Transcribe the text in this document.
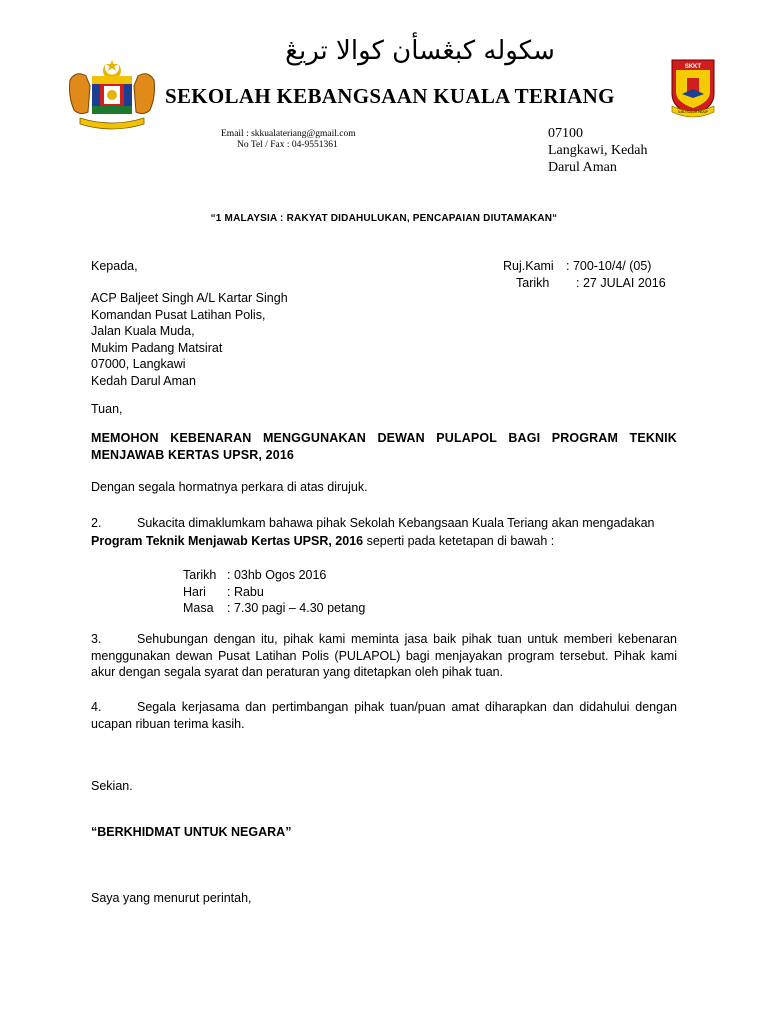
سكوله كبڠسأن كوالا تريڠ
SEKOLAH KEBANGSAAN KUALA TERIANG
SKKT
ILMU SULUH HIDUP
Email : skkualateriang@gmail.com
No Tel / Fax : 04-9551361
07100
Langkawi, Kedah
Darul Aman
“1 MALAYSIA : RAKYAT DIDAHULUKAN, PENCAPAIAN DIUTAMAKAN“
Kepada,	Ruj.Kami : 700-10/4/ (05)
Tarikh : 27 JULAI 2016
ACP Baljeet Singh A/L Kartar Singh
Komandan Pusat Latihan Polis,
Jalan Kuala Muda,
Mukim Padang Matsirat
07000, Langkawi
Kedah Darul Aman
Tuan,
MEMOHON KEBENARAN MENGGUNAKAN DEWAN PULAPOL BAGI PROGRAM TEKNIK MENJAWAB KERTAS UPSR, 2016
Dengan segala hormatnya perkara di atas dirujuk.
2.	Sukacita dimaklumkam bahawa pihak Sekolah Kebangsaan Kuala Teriang akan mengadakan
Program Teknik Menjawab Kertas UPSR, 2016 seperti pada ketetapan di bawah :
Tarikh : 03hb Ogos 2016
Hari : Rabu
Masa : 7.30 pagi – 4.30 petang
3.	Sehubungan dengan itu, pihak kami meminta jasa baik pihak tuan untuk memberi kebenaran menggunakan dewan Pusat Latihan Polis (PULAPOL) bagi menjayakan program tersebut. Pihak kami akur dengan segala syarat dan peraturan yang ditetapkan oleh pihak tuan.
4.	Segala kerjasama dan pertimbangan pihak tuan/puan amat diharapkan dan didahului dengan ucapan ribuan terima kasih.
Sekian.
“BERKHIDMAT UNTUK NEGARA”
Saya yang menurut perintah,
